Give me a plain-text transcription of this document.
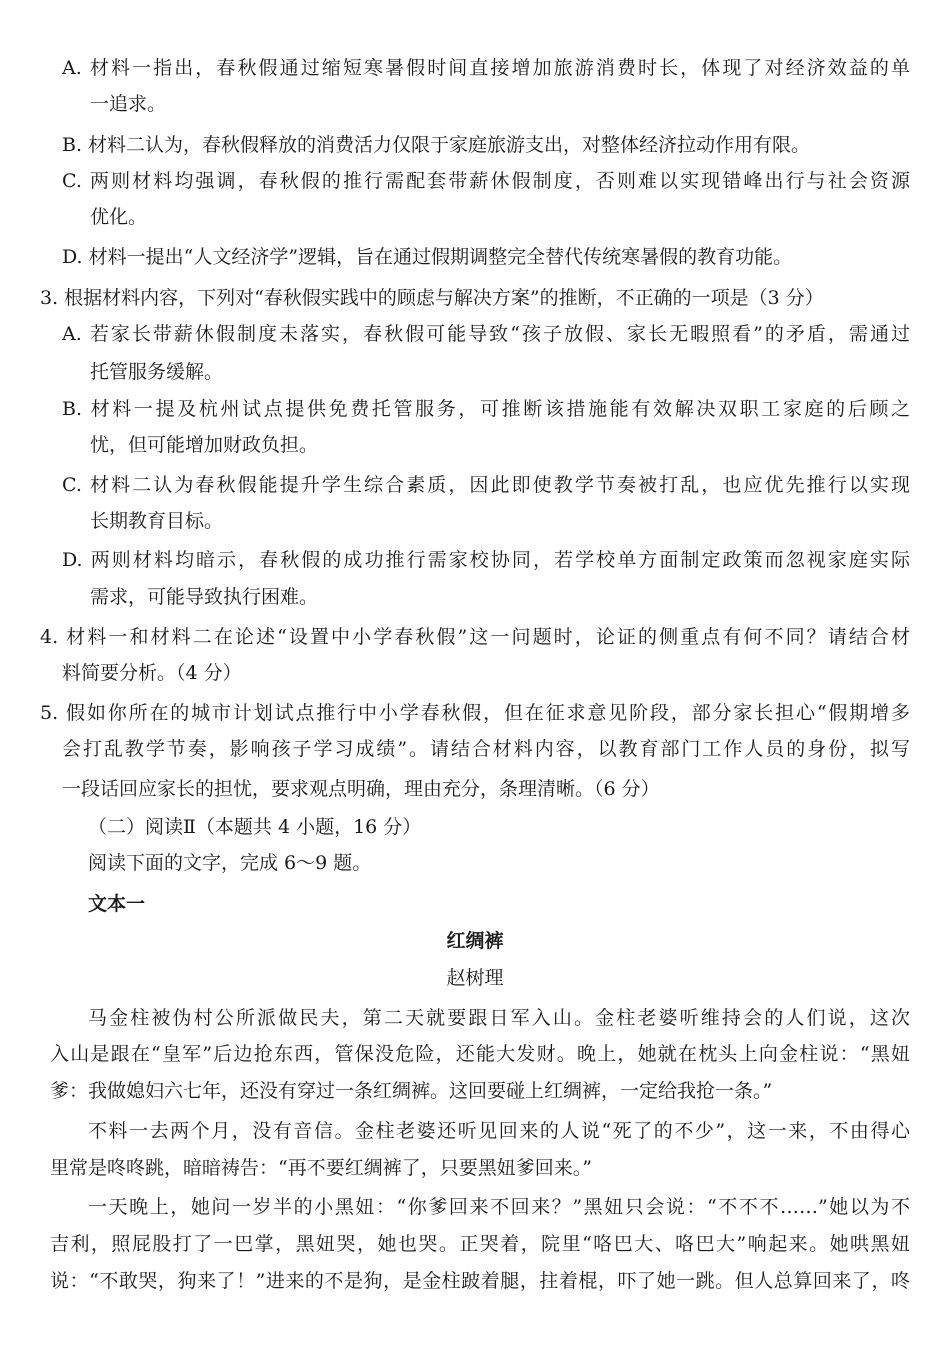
A. 材料一指出，春秋假通过缩短寒暑假时间直接增加旅游消费时长，体现了对经济效益的单
一追求。
B. 材料二认为，春秋假释放的消费活力仅限于家庭旅游支出，对整体经济拉动作用有限。
C. 两则材料均强调，春秋假的推行需配套带薪休假制度，否则难以实现错峰出行与社会资源
优化。
D. 材料一提出“人文经济学”逻辑，旨在通过假期调整完全替代传统寒暑假的教育功能。
3. 根据材料内容，下列对“春秋假实践中的顾虑与解决方案”的推断，不正确的一项是（3 分）
A. 若家长带薪休假制度未落实，春秋假可能导致“孩子放假、家长无暇照看”的矛盾，需通过
托管服务缓解。
B. 材料一提及杭州试点提供免费托管服务，可推断该措施能有效解决双职工家庭的后顾之
忧，但可能增加财政负担。
C. 材料二认为春秋假能提升学生综合素质，因此即使教学节奏被打乱，也应优先推行以实现
长期教育目标。
D. 两则材料均暗示，春秋假的成功推行需家校协同，若学校单方面制定政策而忽视家庭实际
需求，可能导致执行困难。
4. 材料一和材料二在论述“设置中小学春秋假”这一问题时，论证的侧重点有何不同？请结合材
料简要分析。（4 分）
5. 假如你所在的城市计划试点推行中小学春秋假，但在征求意见阶段，部分家长担心“假期增多
会打乱教学节奏，影响孩子学习成绩”。请结合材料内容，以教育部门工作人员的身份，拟写
一段话回应家长的担忧，要求观点明确，理由充分，条理清晰。（6 分）
（二）阅读Ⅱ（本题共 4 小题，16 分）
阅读下面的文字，完成 6～9 题。
文本一
红绸裤
赵树理
马金柱被伪村公所派做民夫，第二天就要跟日军入山。金柱老婆听维持会的人们说，这次
入山是跟在“皇军”后边抢东西，管保没危险，还能大发财。晚上，她就在枕头上向金柱说：“黑妞
爹：我做媳妇六七年，还没有穿过一条红绸裤。这回要碰上红绸裤，一定给我抢一条。”
不料一去两个月，没有音信。金柱老婆还听见回来的人说“死了的不少”，这一来，不由得心
里常是咚咚跳，暗暗祷告：“再不要红绸裤了，只要黑妞爹回来。”
一天晚上，她问一岁半的小黑妞：“你爹回来不回来？”黑妞只会说：“不不不……”她以为不
吉利，照屁股打了一巴掌，黑妞哭，她也哭。正哭着，院里“咯巴大、咯巴大”响起来。她哄黑妞
说：“不敢哭，狗来了！”进来的不是狗，是金柱跛着腿，拄着棍，吓了她一跳。但人总算回来了，咚
